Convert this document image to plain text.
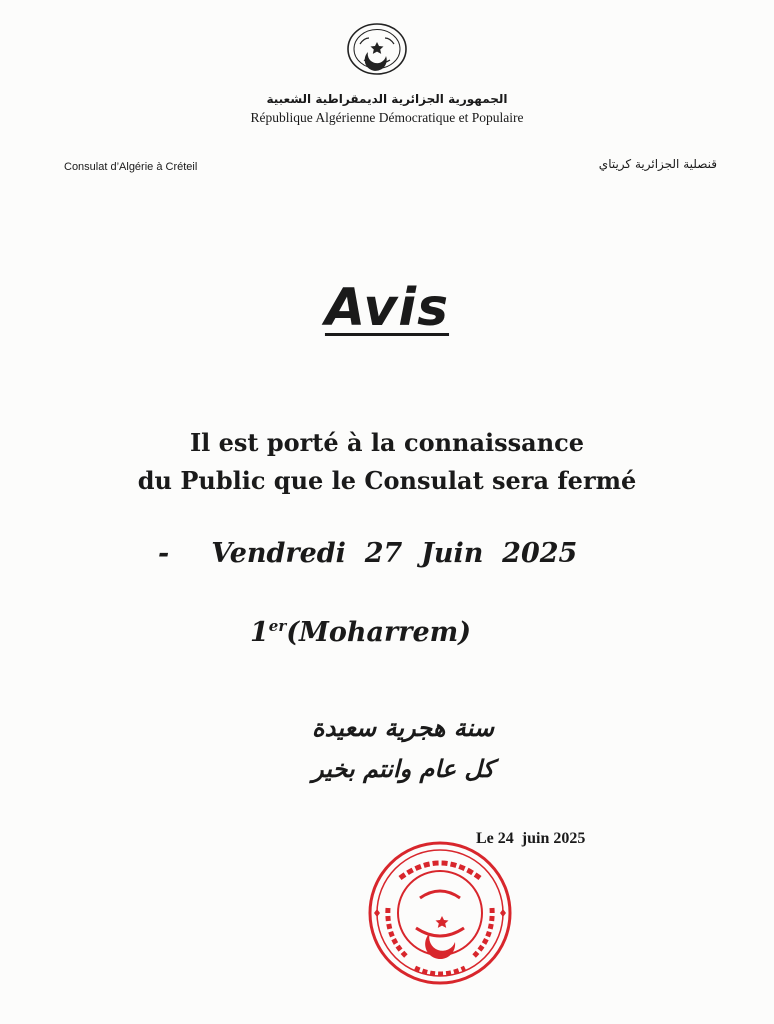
الجمهورية الجزائرية الديمقراطية الشعبية
République Algérienne Démocratique et Populaire
Consulat d’Algérie à Créteil	قنصلية الجزائرية كريتاي
Avis
Il est porté à la connaissance
du Public que le Consulat sera fermé
- Vendredi  27  Juin  2025
1er(Moharrem)
سنة هجرية سعيدة
كل عام وانتم بخير
Le 24  juin 2025
